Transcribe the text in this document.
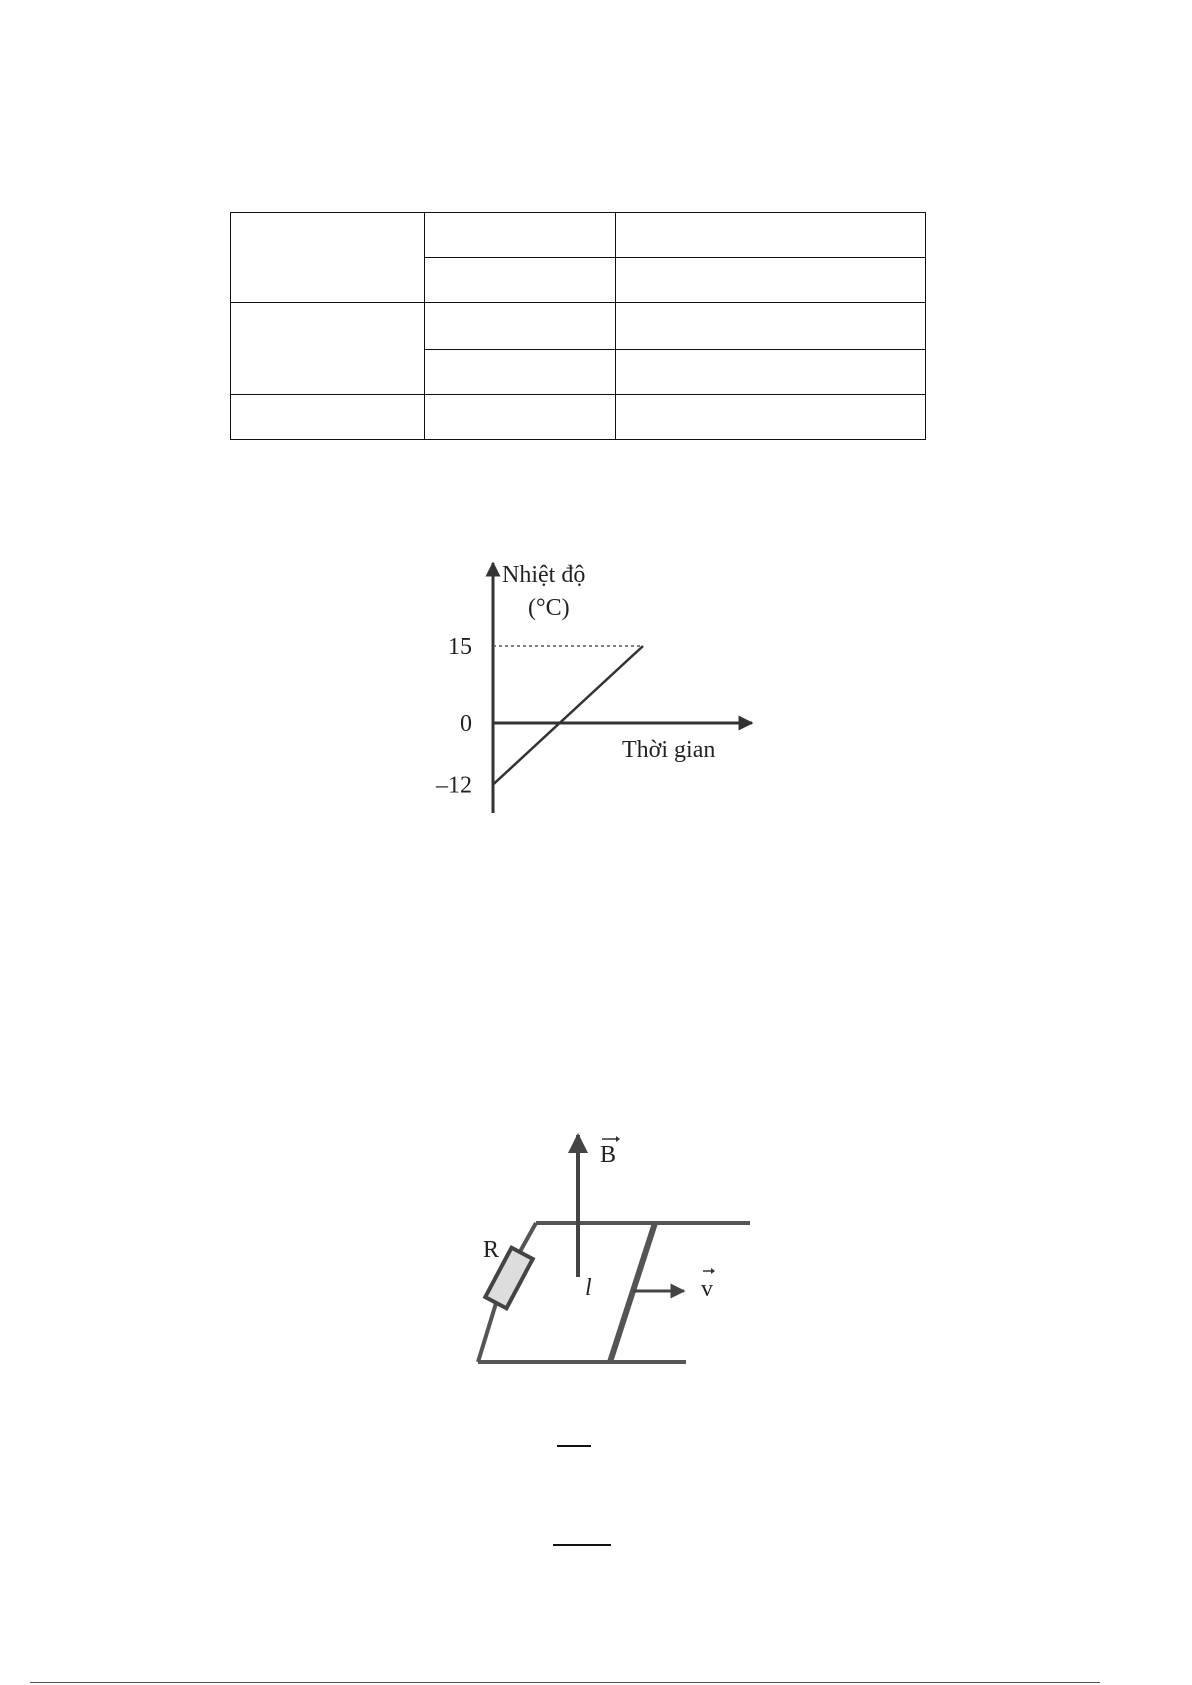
Nhiệt độ
(°C)
Thời gian
15
0
–12
R
B
l	v
